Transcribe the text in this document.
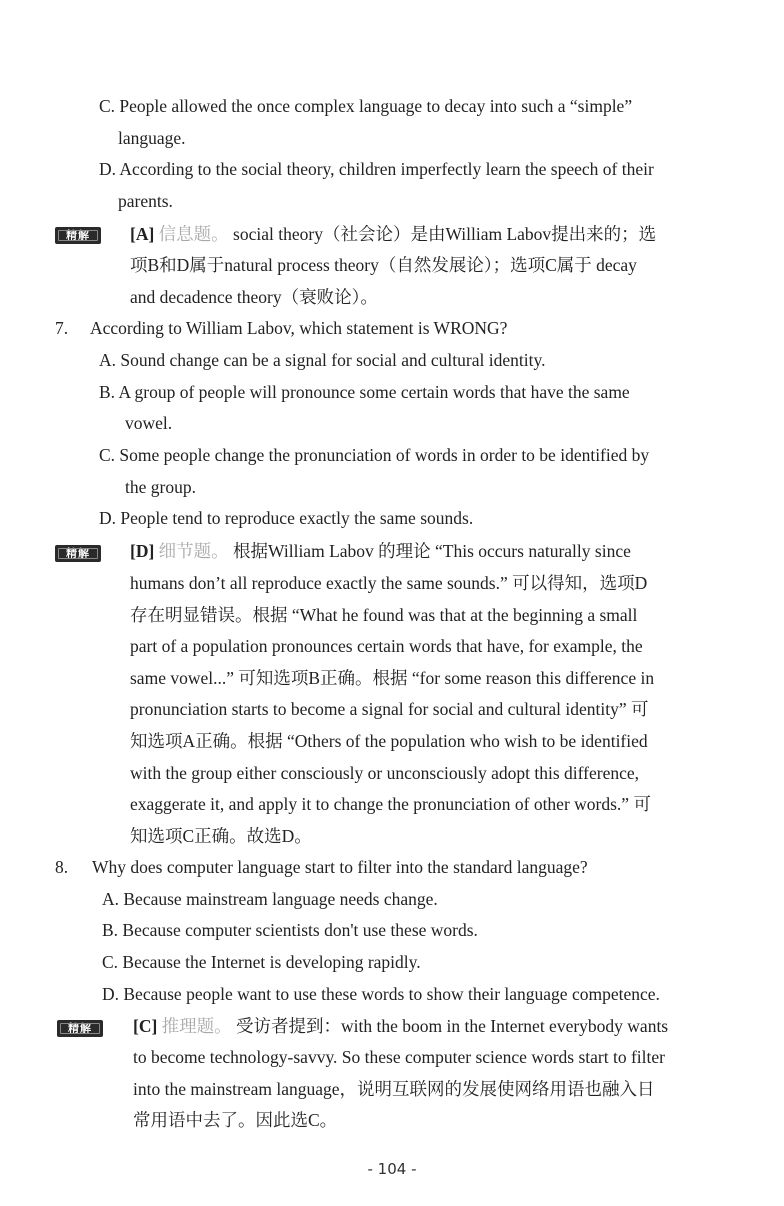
C. People allowed the once complex language to decay into such a “simple”
language.
D. According to the social theory, children imperfectly learn the speech of their
parents.
精解	[A] 信息题。 social theory（社会论）是由William Labov提出来的；选
项B和D属于natural process theory（自然发展论）；选项C属于 decay
and decadence theory（衰败论）。
7. According to William Labov, which statement is WRONG?
A. Sound change can be a signal for social and cultural identity.
B. A group of people will pronounce some certain words that have the same
vowel.
C. Some people change the pronunciation of words in order to be identified by
the group.
D. People tend to reproduce exactly the same sounds.
精解	[D] 细节题。 根据William Labov 的理论 “This occurs naturally since
humans don’t all reproduce exactly the same sounds.” 可以得知，选项D
存在明显错误。根据 “What he found was that at the beginning a small
part of a population pronounces certain words that have, for example, the
same vowel...” 可知选项B正确。根据 “for some reason this difference in
pronunciation starts to become a signal for social and cultural identity” 可
知选项A正确。根据 “Others of the population who wish to be identified
with the group either consciously or unconsciously adopt this difference,
exaggerate it, and apply it to change the pronunciation of other words.” 可
知选项C正确。故选D。
8. Why does computer language start to filter into the standard language?
A. Because mainstream language needs change.
B. Because computer scientists don't use these words.
C. Because the Internet is developing rapidly.
D. Because people want to use these words to show their language competence.
精解	[C] 推理题。 受访者提到：with the boom in the Internet everybody wants
to become technology-savvy. So these computer science words start to filter
into the mainstream language，说明互联网的发展使网络用语也融入日
常用语中去了。因此选C。
- 104 -
